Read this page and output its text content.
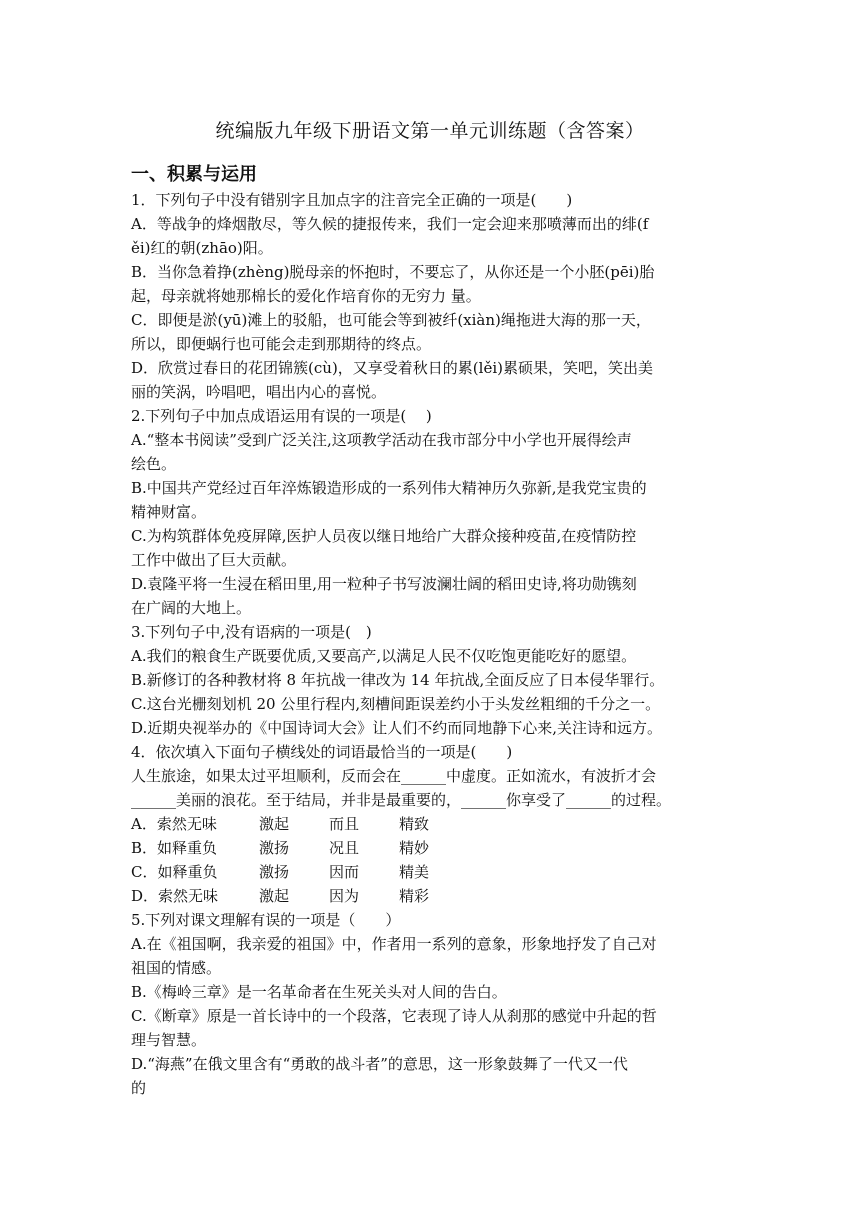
统编版九年级下册语文第一单元训练题（含答案）
一、积累与运用
1．下列句子中没有错别字且加点字的注音完全正确的一项是(　　)
A．等战争的烽烟散尽，等久候的捷报传来，我们一定会迎来那喷薄而出的绯(f
ěi)红的朝(zhāo)阳。
B．当你急着挣(zhèng)脱母亲的怀抱时，不要忘了，从你还是一个小胚(pēi)胎
起，母亲就将她那棉长的爱化作培育你的无穷力 量。
C．即便是淤(yū)滩上的驳船，也可能会等到被纤(xiàn)绳拖进大海的那一天，
所以，即便蜗行也可能会走到那期待的终点。
D．欣赏过春日的花团锦簇(cù)，又享受着秋日的累(lěi)累硕果，笑吧，笑出美
丽的笑涡，吟唱吧，唱出内心的喜悦。
2.下列句子中加点成语运用有误的一项是(　 )
A.“整本书阅读”受到广泛关注,这项教学活动在我市部分中小学也开展得绘声
绘色。
B.中国共产党经过百年淬炼锻造形成的一系列伟大精神历久弥新,是我党宝贵的
精神财富。
C.为构筑群体免疫屏障,医护人员夜以继日地给广大群众接种疫苗,在疫情防控
工作中做出了巨大贡献。
D.袁隆平将一生浸在稻田里,用一粒种子书写波澜壮阔的稻田史诗,将功勋镌刻
在广阔的大地上。
3.下列句子中,没有语病的一项是(　)
A.我们的粮食生产既要优质,又要高产,以满足人民不仅吃饱更能吃好的愿望。
B.新修订的各种教材将 8 年抗战一律改为 14 年抗战,全面反应了日本侵华罪行。
C.这台光栅刻划机 20 公里行程内,刻槽间距误差约小于头发丝粗细的千分之一。
D.近期央视举办的《中国诗词大会》让人们不约而同地静下心来,关注诗和远方。
4．依次填入下面句子横线处的词语最恰当的一项是(　　)
人生旅途，如果太过平坦顺利，反而会在______中虚度。正如流水，有波折才会
______美丽的浪花。至于结局，并非是最重要的，______你享受了______的过程。
A．索然无味	激起	而且	精致
B．如释重负	激扬	况且	精妙
C．如释重负	激扬	因而	精美
D．索然无味	激起	因为	精彩
5.下列对课文理解有误的一项是（　　）
A.在《祖国啊，我亲爱的祖国》中，作者用一系列的意象，形象地抒发了自己对
祖国的情感。
B.《梅岭三章》是一名革命者在生死关头对人间的告白。
C.《断章》原是一首长诗中的一个段落，它表现了诗人从刹那的感觉中升起的哲
理与智慧。
D.“海燕”在俄文里含有“勇敢的战斗者”的意思，这一形象鼓舞了一代又一代
的
